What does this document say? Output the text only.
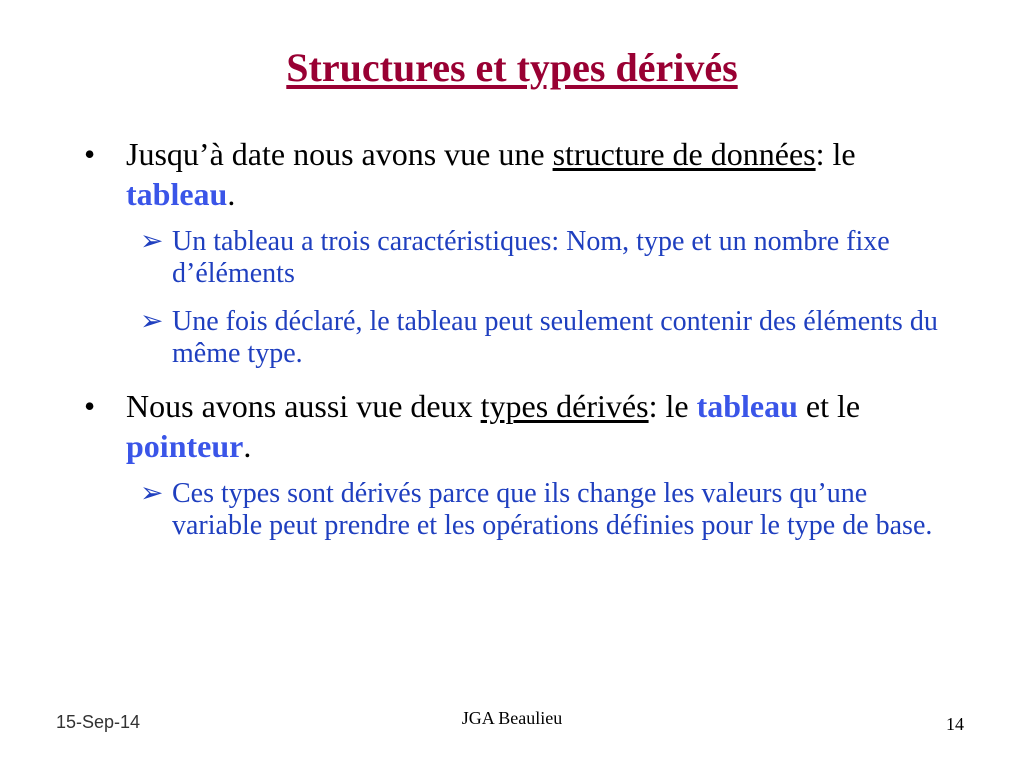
Structures et types dérivés
• Jusqu’à date nous avons vue une structure de données: le tableau.
➢ Un tableau a trois caractéristiques: Nom, type et un nombre fixe d’éléments
➢ Une fois déclaré, le tableau peut seulement contenir des éléments du même type.
• Nous avons aussi vue deux types dérivés: le tableau et le pointeur.
➢ Ces types sont dérivés parce que ils change les valeurs qu’une variable peut prendre et les opérations définies pour le type de base.
15-Sep-14	JGA Beaulieu	14
